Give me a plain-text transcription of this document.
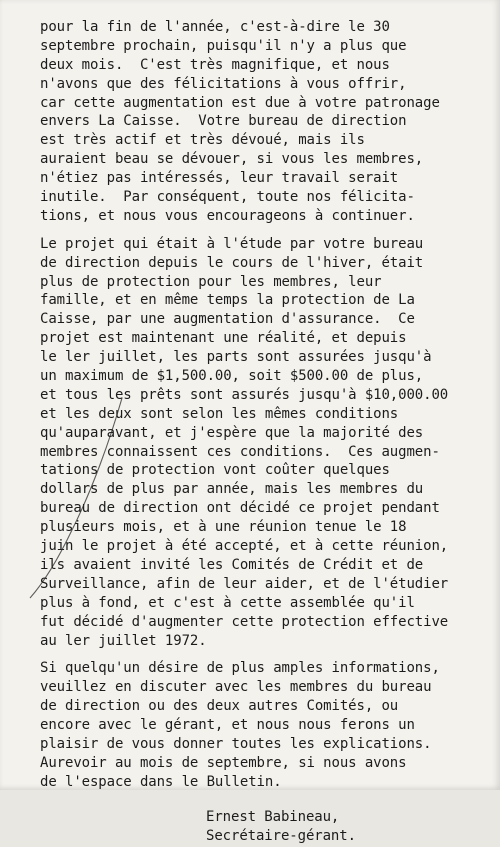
pour la fin de l'année, c'est-à-dire le 30
septembre prochain, puisqu'il n'y a plus que
deux mois.  C'est très magnifique, et nous
n'avons que des félicitations à vous offrir,
car cette augmentation est due à votre patronage
envers La Caisse.  Votre bureau de direction
est très actif et très dévoué, mais ils
auraient beau se dévouer, si vous les membres,
n'étiez pas intéressés, leur travail serait
inutile.  Par conséquent, toute nos félicita-
tions, et nous vous encourageons à continuer.
Le projet qui était à l'étude par votre bureau
de direction depuis le cours de l'hiver, était
plus de protection pour les membres, leur
famille, et en même temps la protection de La
Caisse, par une augmentation d'assurance.  Ce
projet est maintenant une réalité, et depuis
le ler juillet, les parts sont assurées jusqu'à
un maximum de $1,500.00, soit $500.00 de plus,
et tous les prêts sont assurés jusqu'à $10,000.00
et les deux sont selon les mêmes conditions
qu'auparavant, et j'espère que la majorité des
membres connaissent ces conditions.  Ces augmen-
tations de protection vont coûter quelques
dollars de plus par année, mais les membres du
bureau de direction ont décidé ce projet pendant
plusieurs mois, et à une réunion tenue le 18
juin le projet à été accepté, et à cette réunion,
ils avaient invité les Comités de Crédit et de
Surveillance, afin de leur aider, et de l'étudier
plus à fond, et c'est à cette assemblée qu'il
fut décidé d'augmenter cette protection effective
au ler juillet 1972.
Si quelqu'un désire de plus amples informations,
veuillez en discuter avec les membres du bureau
de direction ou des deux autres Comités, ou
encore avec le gérant, et nous nous ferons un
plaisir de vous donner toutes les explications.
Aurevoir au mois de septembre, si nous avons
de l'espace dans le Bulletin.
Ernest Babineau,
Secrétaire-gérant.
